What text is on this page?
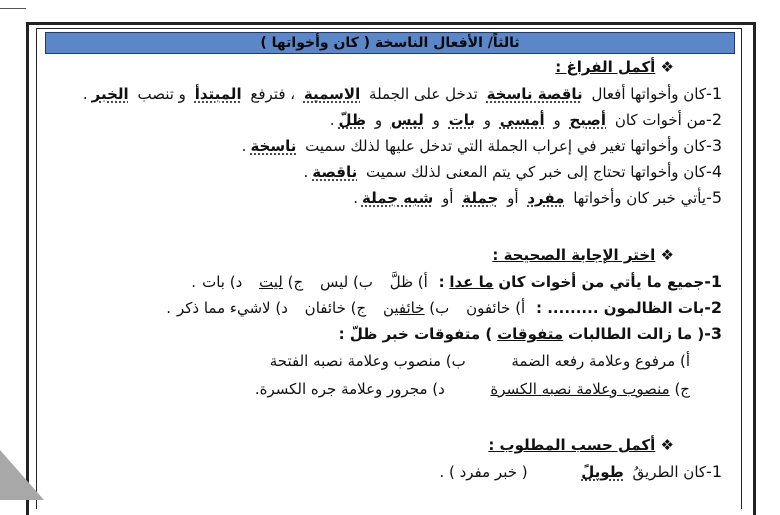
ثالثاً/ الأفعال الناسخة ( كان وأخواتها )
❖ أكمل الفراغ :
1-كان وأخواتها أفعال ناقصة ناسخة تدخل على الجملة الاسمية ، فترفع المبتدأ و تنصب الخبر.
2-من أخوات كان أصبح و أمسى و بات و ليس و ظلّ.
3-كان وأخواتها تغير في إعراب الجملة التي تدخل عليها لذلك سميت ناسخة.
4-كان وأخواتها تحتاج إلى خبر كي يتم المعنى لذلك سميت ناقصة.
5-يأتي خبر كان وأخواتها مفرد أو جملة أو شبه جملة.
❖ اختر الإجابة الصحيحة :
1-جميع ما يأتي من أخوات كان ما عدا : أ) ظلَّ ب) ليس ج) ليت د) بات.
2-بات الظالمون ......... : أ) خائفون ب) خائفين ج) خائفان د) لاشيء مما ذكر.
3-( ما زالت الطالبات متفوقات ) متفوقات خبر ظلّ :
أ) مرفوع وعلامة رفعه الضمة  ب) منصوب وعلامة نصبه الفتحة
ج) منصوب وعلامة نصبه الكسرة  د) مجرور وعلامة جره الكسرة.
❖ أكمل حسب المطلوب :
1-كان الطريقُ طويلً  ( خبر مفرد ) .
